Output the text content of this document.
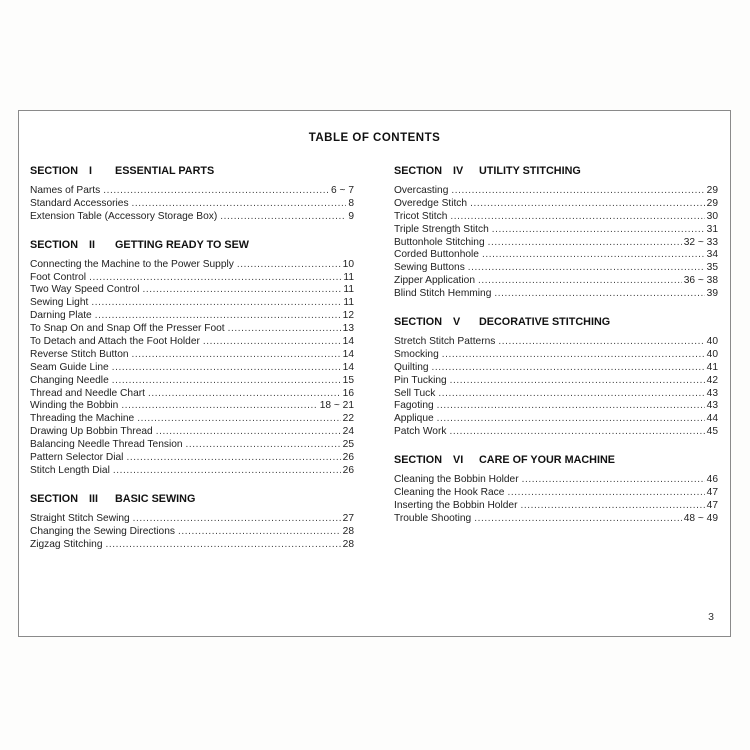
TABLE OF CONTENTS
SECTION I ESSENTIAL PARTS
Names of Parts .....	6 ~ 7
Standard Accessories .....	8
Extension Table (Accessory Storage Box) .....	9
SECTION II GETTING READY TO SEW
Connecting the Machine to the Power Supply .....	10
Foot Control .....	11
Two Way Speed Control .....	11
Sewing Light .....	11
Darning Plate .....	12
To Snap On and Snap Off the Presser Foot .....	13
To Detach and Attach the Foot Holder .....	14
Reverse Stitch Button .....	14
Seam Guide Line .....	14
Changing Needle .....	15
Thread and Needle Chart .....	16
Winding the Bobbin .....	18 ~ 21
Threading the Machine .....	22
Drawing Up Bobbin Thread .....	24
Balancing Needle Thread Tension .....	25
Pattern Selector Dial .....	26
Stitch Length Dial .....	26
SECTION III BASIC SEWING
Straight Stitch Sewing .....	27
Changing the Sewing Directions .....	28
Zigzag Stitching .....	28
SECTION IV UTILITY STITCHING
Overcasting .....	29
Overedge Stitch .....	29
Tricot Stitch .....	30
Triple Strength Stitch .....	31
Buttonhole Stitching .....	32 ~ 33
Corded Buttonhole .....	34
Sewing Buttons .....	35
Zipper Application .....	36 ~ 38
Blind Stitch Hemming .....	39
SECTION V DECORATIVE STITCHING
Stretch Stitch Patterns .....	40
Smocking .....	40
Quilting .....	41
Pin Tucking .....	42
Sell Tuck .....	43
Fagoting .....	43
Applique .....	44
Patch Work .....	45
SECTION VI CARE OF YOUR MACHINE
Cleaning the Bobbin Holder .....	46
Cleaning the Hook Race .....	47
Inserting the Bobbin Holder .....	47
Trouble Shooting .....	48 ~ 49
3
